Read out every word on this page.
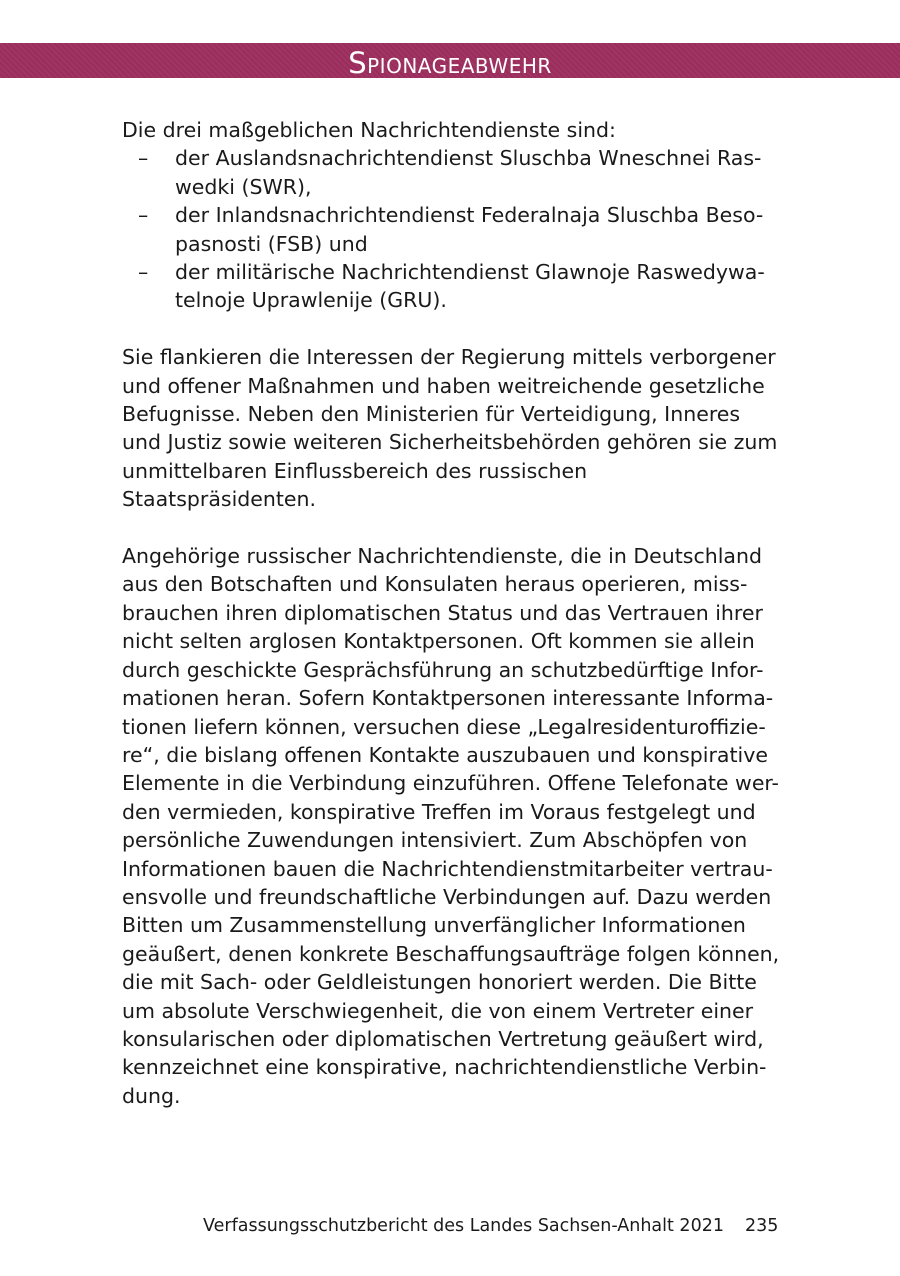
Spionageabwehr

Die drei maßgeblichen Nachrichtendienste sind:

– der Auslandsnachrichtendienst Sluschba Wneschnei Ras-
wedki (SWR),
– der Inlandsnachrichtendienst Federalnaja Sluschba Beso-
pasnosti (FSB) und
– der militärische Nachrichtendienst Glawnoje Raswedywa-
telnoje Uprawlenije (GRU).
Sie flankieren die Interessen der Regierung mittels verborgener
und offener Maßnahmen und haben weitreichende gesetzliche
Befugnisse. Neben den Ministerien für Verteidigung, Inneres
und Justiz sowie weiteren Sicherheitsbehörden gehören sie zum
unmittelbaren Einflussbereich des russischen Staatspräsidenten.
Angehörige russischer Nachrichtendienste, die in Deutschland
aus den Botschaften und Konsulaten heraus operieren, miss-
brauchen ihren diplomatischen Status und das Vertrauen ihrer
nicht selten arglosen Kontaktpersonen. Oft kommen sie allein
durch geschickte Gesprächsführung an schutzbedürftige Infor-
mationen heran. Sofern Kontaktpersonen interessante Informa-
tionen liefern können, versuchen diese „Legalresidenturoffizie-
re“, die bislang offenen Kontakte auszubauen und konspirative
Elemente in die Verbindung einzuführen. Offene Telefonate wer-
den vermieden, konspirative Treffen im Voraus festgelegt und
persönliche Zuwendungen intensiviert. Zum Abschöpfen von
Informationen bauen die Nachrichtendienstmitarbeiter vertrau-
ensvolle und freundschaftliche Verbindungen auf. Dazu werden
Bitten um Zusammenstellung unverfänglicher Informationen
geäußert, denen konkrete Beschaffungsaufträge folgen können,
die mit Sach- oder Geldleistungen honoriert werden. Die Bitte
um absolute Verschwiegenheit, die von einem Vertreter einer
konsularischen oder diplomatischen Vertretung geäußert wird,
kennzeichnet eine konspirative, nachrichtendienstliche Verbin-
dung.
Verfassungsschutzbericht des Landes Sachsen-Anhalt 2021 235
